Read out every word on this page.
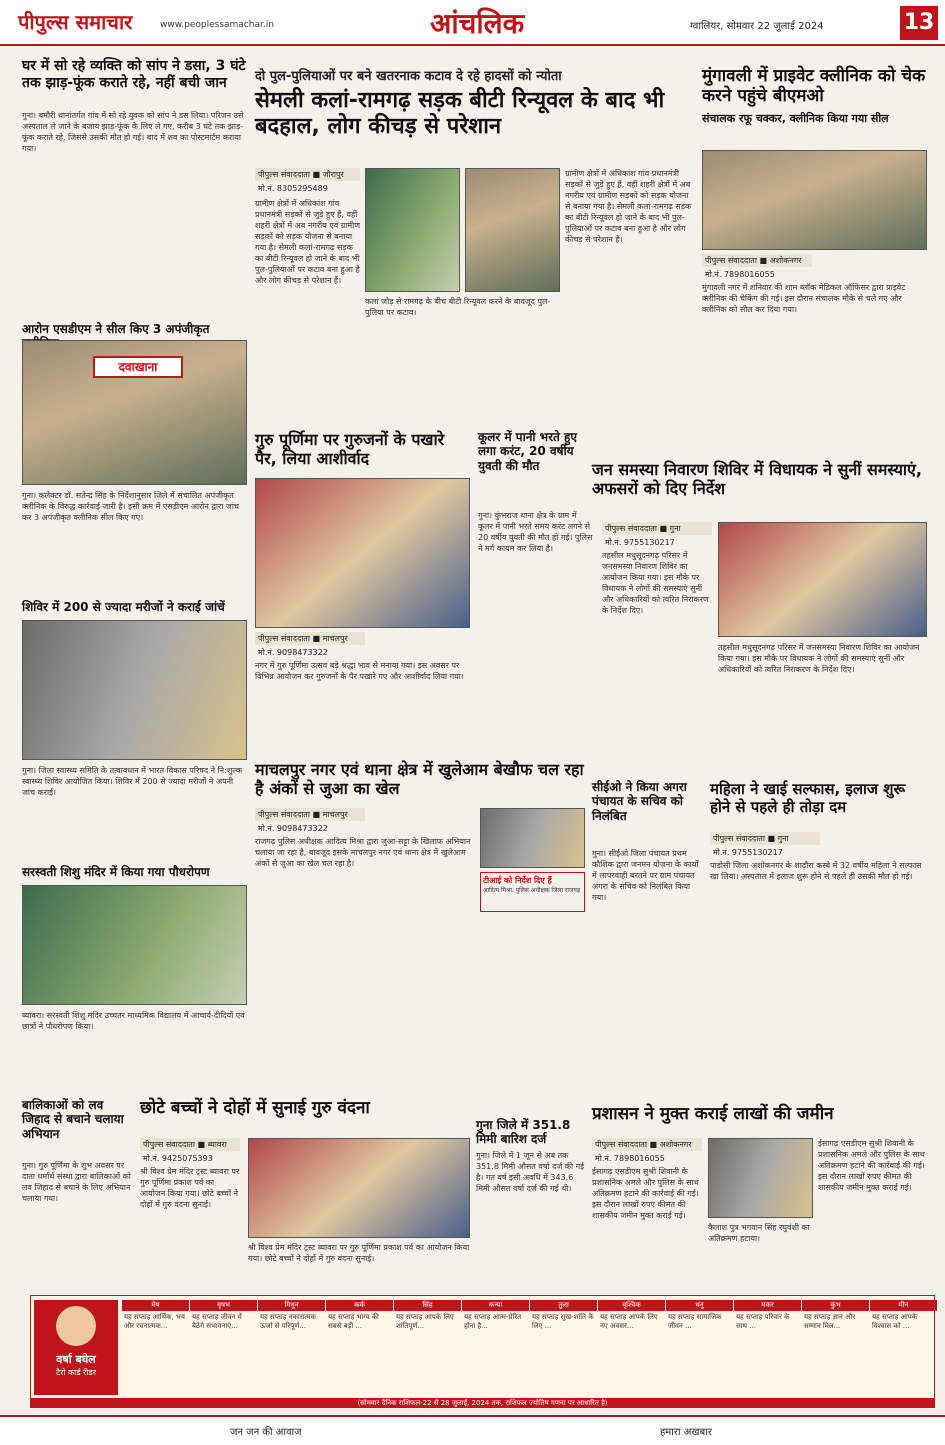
पीपुल्स समाचार	www.peoplessamachar.in	आंचलिक	ग्वालियर, सोमवार 22 जुलाई 2024	13
घर में सो रहे व्यक्ति को सांप ने डसा, 3 घंटे तक झाड़-फूंक कराते रहे, नहीं बची जान
गुना। बमौरी थानांतर्गत गांव में सो रहे युवक को सांप ने डस लिया। परिजन उसे अस्पताल ले जाने के बजाय झाड़-फूंक के लिए ले गए, करीब 3 घंटे तक झाड़-फूंक कराते रहे, जिससे उसकी मौत हो गई। बाद में शव का पोस्टमार्टम कराया गया।
आरोन एसडीएम ने सील किए 3 अपंजीकृत
दवाखाना
गुना। कलेक्टर डॉ. सतेन्द्र सिंह के निर्देशानुसार जिले में संचालित अपंजीकृत क्लीनिक के विरुद्ध कार्रवाई जारी है। इसी क्रम में एसडीएम आरोन द्वारा जांच कर 3 अपंजीकृत क्लीनिक सील किए गए।
शिविर में 200 से ज्यादा मरीजों ने कराई जांचें
गुना। जिला स्वास्थ्य समिति के तत्वावधान में भारत विकास परिषद ने नि:शुल्क स्वास्थ्य शिविर आयोजित किया। शिविर में 200 से ज्यादा मरीजों ने अपनी जांच कराई।
सरस्वती शिशु मंदिर में किया गया पौधरोपण
ब्यावरा। सरस्वती शिशु मंदिर उच्चतर माध्यमिक विद्यालय में आचार्य-दीदियों एवं छात्रों ने पौधरोपण किया।
दो पुल-पुलियाओं पर बने खतरनाक कटाव दे रहे हादसों को न्योता
सेमली कलां-रामगढ़ सड़क बीटी रिन्यूवल के बाद भी बदहाल, लोग कीचड़ से परेशान
पीपुल्स संवाददाता ■ जौरापुर
मो.नं. 8305295489
ग्रामीण क्षेत्रों में अधिकांश गांव प्रधानमंत्री सड़कों से जुड़े हुए हैं, वहीं शहरी क्षेत्रों में अब नगरीय एवं ग्रामीण सड़कों को सड़क योजना से बनाया गया है। सेमली कलां-रामगढ़ सड़क का बीटी रिन्यूवल हो जाने के बाद भी पुल-पुलियाओं पर कटाव बना हुआ है और लोग कीचड़ से परेशान हैं।
कलां जोड़ से रामगढ़ के बीच बीटी रिन्यूवल करने के बावजूद पुल-पुलिया पर कटाव।
ग्रामीण क्षेत्रों में अधिकांश गांव प्रधानमंत्री सड़कों से जुड़े हुए हैं, वहीं शहरी क्षेत्रों में अब नगरीय एवं ग्रामीण सड़कों को सड़क योजना से बनाया गया है। सेमली कलां-रामगढ़ सड़क का बीटी रिन्यूवल हो जाने के बाद भी पुल-पुलियाओं पर कटाव बना हुआ है और लोग कीचड़ से परेशान हैं।
गुरु पूर्णिमा पर गुरुजनों के पखारे पैर, लिया आशीर्वाद
पीपुल्स संवाददाता ■ माचलपुर
मो.नं. 9098473322
नगर में गुरु पूर्णिमा उत्सव बड़े श्रद्धा भाव से मनाया गया। इस अवसर पर विभिन्न आयोजन कर गुरुजनों के पैर पखारे गए और आशीर्वाद लिया गया।
कूलर में पानी भरते हुए लगा करंट, 20 वर्षीय युवती की मौत
गुना। कुंभराज थाना क्षेत्र के ग्राम में कूलर में पानी भरते समय करंट लगने से 20 वर्षीय युवती की मौत हो गई। पुलिस ने मर्ग कायम कर लिया है।
माचलपुर नगर एवं थाना क्षेत्र में खुलेआम बेखौफ चल रहा है अंकों से जुआ का खेल
पीपुल्स संवाददाता ■ माचलपुर
मो.नं. 9098473322
राजगढ़ पुलिस अधीक्षक आदित्य मिश्रा द्वारा जुआ-सट्टा के खिलाफ अभियान चलाया जा रहा है, बावजूद इसके माचलपुर नगर एवं थाना क्षेत्र में खुलेआम अंकों से जुआ का खेल चल रहा है।
टीआई को निर्देश दिए हैं
आदित्य मिश्रा, पुलिस अधीक्षक जिला राजगढ़
मुंगावली में प्राइवेट क्लीनिक को चेक करने पहुंचे बीएमओ
संचालक रफू चक्कर, क्लीनिक किया गया सील
पीपुल्स संवाददाता ■ अशोकनगर
मो.नं. 7898016055
मुंगावली नगर में शनिवार की शाम ब्लॉक मेडिकल ऑफिसर द्वारा प्राइवेट क्लीनिक की चेकिंग की गई। इस दौरान संचालक मौके से चले गए और क्लीनिक को सील कर दिया गया।
जन समस्या निवारण शिविर में विधायक ने सुनीं समस्याएं, अफसरों को दिए निर्देश
पीपुल्स संवाददाता ■ गुना
मो.नं. 9755130217
तहसील मधुसूदनगढ़ परिसर में जनसमस्या निवारण शिविर का आयोजन किया गया। इस मौके पर विधायक ने लोगों की समस्याएं सुनीं और अधिकारियों को त्वरित निराकरण के निर्देश दिए।
तहसील मधुसूदनगढ़ परिसर में जनसमस्या निवारण शिविर का आयोजन किया गया। इस मौके पर विधायक ने लोगों की समस्याएं सुनीं और अधिकारियों को त्वरित निराकरण के निर्देश दिए।
सीईओ ने किया अगरा पंचायत के सचिव को निलंबित
गुना। सीईओ जिला पंचायत प्रथम कौशिक द्वारा जनमन योजना के कार्यों में लापरवाही बरतने पर ग्राम पंचायत अगरा के सचिव को निलंबित किया गया।
महिला ने खाई सल्फास, इलाज शुरू होने से पहले ही तोड़ा दम
पीपुल्स संवाददाता ■ गुना
मो.नं. 9755130217
पाडोसी जिला अशोकनगर के शाढ़ौरा कस्बे में 32 वर्षीय महिला ने सल्फास खा लिया। अस्पताल में इलाज शुरू होने से पहले ही उसकी मौत हो गई।
बालिकाओं को लव जिहाद से बचाने चलाया अभियान
गुना। गुरु पूर्णिमा के शुभ अवसर पर दाता धर्मार्थ संस्था द्वारा बालिकाओं को लव जिहाद से बचाने के लिए अभियान चलाया गया।
छोटे बच्चों ने दोहों में सुनाई गुरु वंदना
पीपुल्स संवाददाता ■ ब्यावरा
मो.नं. 9425075393
श्री विश्व प्रेम मंदिर ट्रस्ट ब्यावरा पर गुरु पूर्णिमा प्रकाश पर्व का आयोजन किया गया। छोटे बच्चों ने दोहों में गुरु वंदना सुनाई।
श्री विश्व प्रेम मंदिर ट्रस्ट ब्यावरा पर गुरु पूर्णिमा प्रकाश पर्व का आयोजन किया गया। छोटे बच्चों ने दोहों में गुरु वंदना सुनाई।
गुना जिले में 351.8 मिमी बारिश दर्ज
गुना। जिले में 1 जून से अब तक 351.8 मिमी औसत वर्षा दर्ज की गई है। गत वर्ष इसी अवधि में 343.6 मिमी औसत वर्षा दर्ज की गई थी।
प्रशासन ने मुक्त कराई लाखों की जमीन
पीपुल्स संवाददाता ■ अशोकनगर
मो.नं. 7898016055
ईसागढ़ एसडीएम सुश्री शिवानी के प्रशासनिक अमले और पुलिस के साथ अतिक्रमण हटाने की कार्रवाई की गई। इस दौरान लाखों रुपए कीमत की शासकीय जमीन मुक्त कराई गई।
कैलाश पुत्र भगवान सिंह रघुवंशी का अतिक्रमण हटाया।
ईसागढ़ एसडीएम सुश्री शिवानी के प्रशासनिक अमले और पुलिस के साथ अतिक्रमण हटाने की कार्रवाई की गई। इस दौरान लाखों रुपए कीमत की शासकीय जमीन मुक्त कराई गई।
वर्षा बघेल
टैरो कार्ड रीडर
मेष
यह सप्ताह आर्थिक, भय और रचनात्मक...
वृषभ
यह सप्ताह जीवन में बैठेंगे संभावनाएं...
मिथुन
यह सप्ताह नकारात्मक ऊर्जा से परिपूर्ण...
कर्क
यह सप्ताह भाग्य की सबसे बड़ी ...
सिंह
यह सप्ताह आपके लिए शांतिपूर्ण...
कन्या
यह सप्ताह आत्म-प्रेरित होना है...
तुला
यह सप्ताह सुख-शांति के लिए ...
वृश्चिक
यह सप्ताह आपके लिए नए अवसर...
धनु
यह सप्ताह सामाजिक जीवन ...
मकर
यह सप्ताह परिवार के साथ ...
कुंभ
यह सप्ताह ज्ञान और सम्मान मिल...
मीन
यह सप्ताह आपके विश्वास को ...
(सोमवार दैनिक राशिफल-22 से 28 जुलाई, 2024 तक, राशिफल ज्योतिष गणना पर आधारित है)
जन जन की आवाज	हमारा अखबार
